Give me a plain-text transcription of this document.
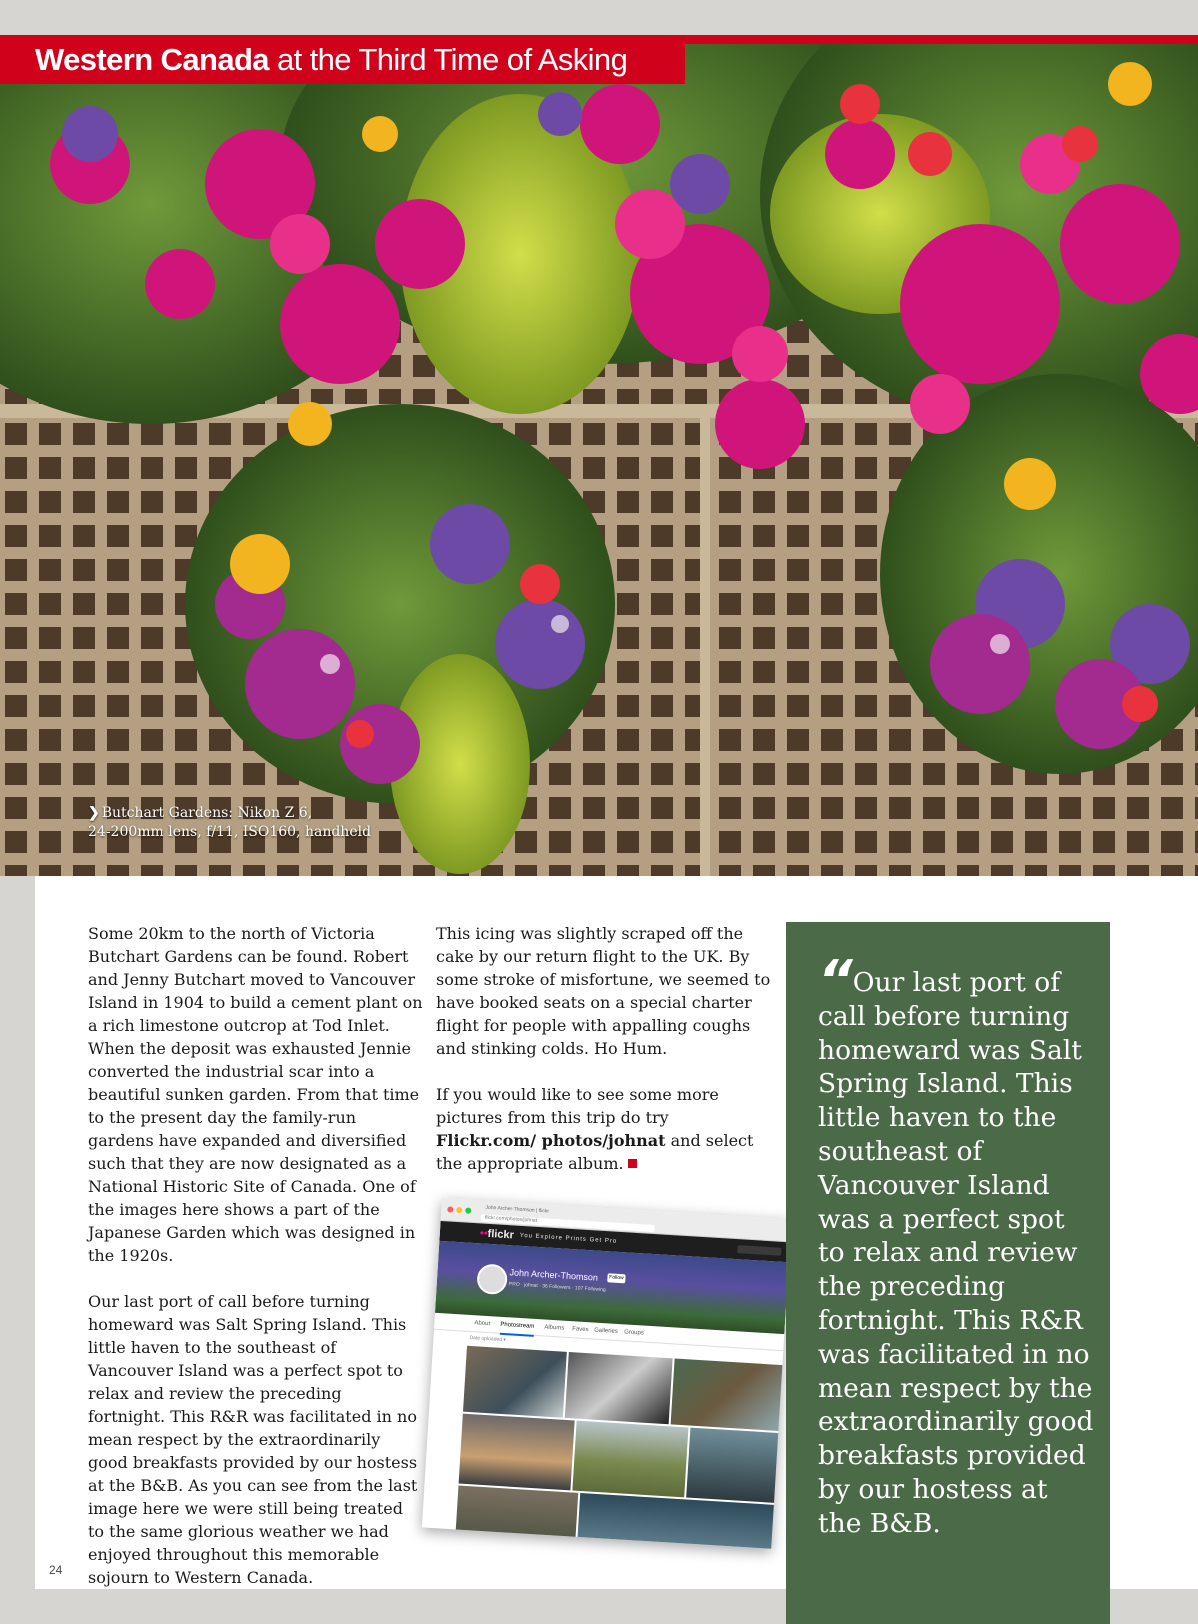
❯ Butchart Gardens: Nikon Z 6,
24-200mm lens, f/11, ISO160, handheld
Western Canada at the Third Time of Asking

Some 20km to the north of Victoria Butchart Gardens can be found. Robert and Jenny Butchart moved to Vancouver Island in 1904 to build a cement plant on a rich limestone outcrop at Tod Inlet. When the deposit was exhausted Jennie converted the industrial scar into a beautiful sunken garden. From that time to the present day the family-run gardens have expanded and diversified such that they are now designated as a National Historic Site of Canada. One of the images here shows a part of the Japanese Garden which was designed in the 1920s.

Our last port of call before turning homeward was Salt Spring Island. This little haven to the southeast of Vancouver Island was a perfect spot to relax and review the preceding fortnight. This R&R was facilitated in no mean respect by the extraordinarily good breakfasts provided by our hostess at the B&B. As you can see from the last image here we were still being treated to the same glorious weather we had enjoyed throughout this memorable sojourn to Western Canada.

This icing was slightly scraped off the cake by our return flight to the UK. By some stroke of misfortune, we seemed to have booked seats on a special charter flight for people with appalling coughs and stinking colds. Ho Hum.

If you would like to see some more pictures from this trip do try Flickr.com/ photos/johnat and select the appropriate album.

John Archer-Thomson | flickr
flickr.com/photos/johnat
••flickr You Explore Prints Get Pro
John Archer-Thomson	Follow
PRO · johnat · 36 Followers · 107 Following
About Photostream Albums Faves Galleries Groups
Date uploaded ▾
“ Our last port of call before turning homeward was Salt Spring Island. This little haven to the southeast of Vancouver Island was a perfect spot to relax and review the preceding fortnight. This R&R was facilitated in no mean respect by the extraordinarily good breakfasts provided by our hostess at the B&B.
24
